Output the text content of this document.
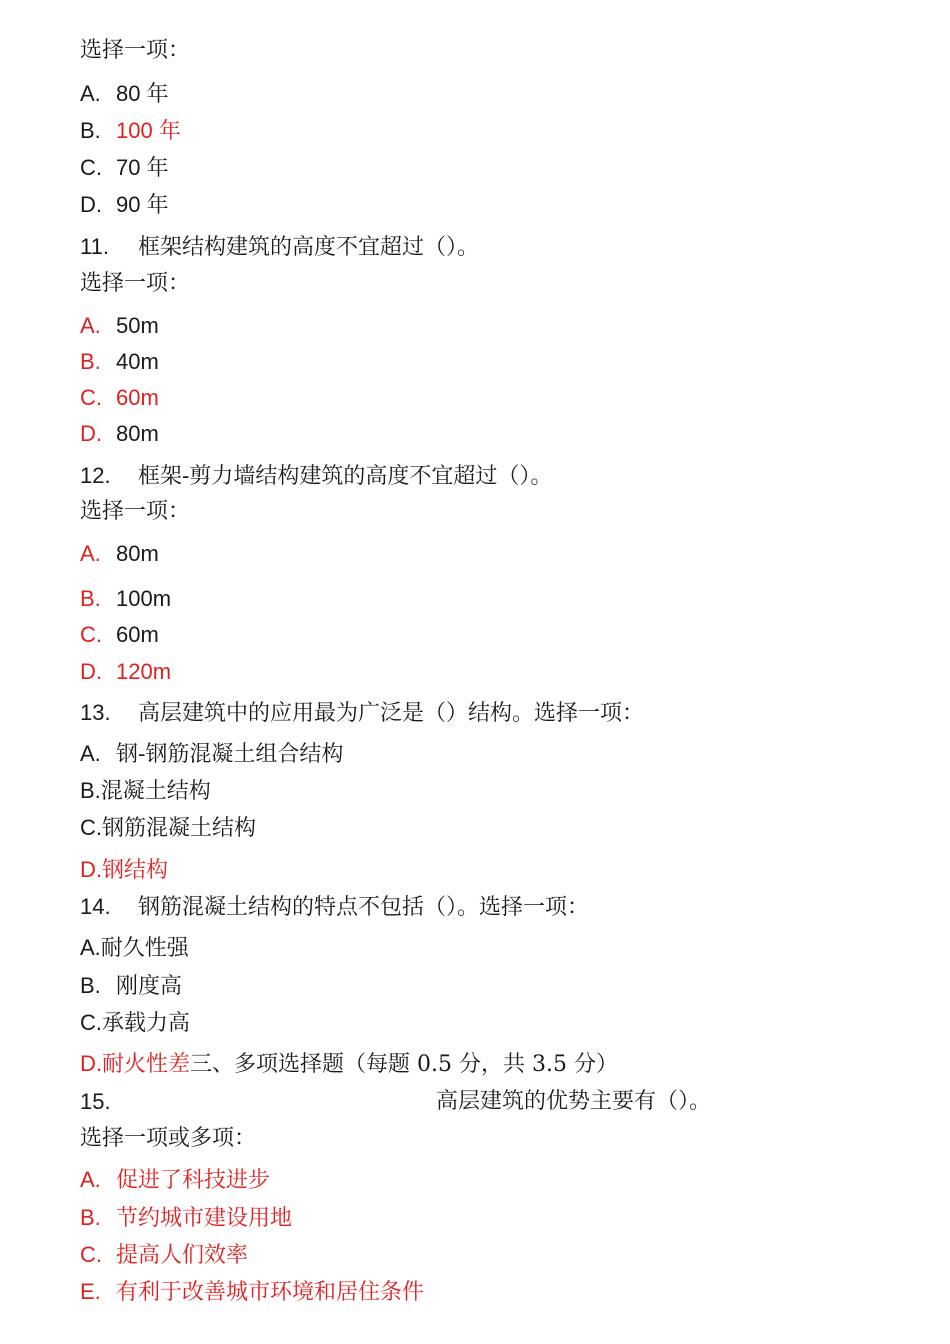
选择一项：
A. 80 年
B. 100 年
C. 70 年
D. 90 年
11. 框架结构建筑的高度不宜超过（）。
选择一项：
A. 50m
B. 40m
C. 60m
D. 80m
12. 框架-剪力墙结构建筑的高度不宜超过（）。
选择一项：
A. 80m
B. 100m
C. 60m
D. 120m
13. 高层建筑中的应用最为广泛是（）结构。选择一项：
A. 钢-钢筋混凝土组合结构
B.混凝土结构
C.钢筋混凝土结构
D.钢结构
14. 钢筋混凝土结构的特点不包括（）。选择一项：
A.耐久性强
B. 刚度高
C.承载力高
D.耐火性差三、多项选择题（每题 0.5 分，共 3.5 分）
15.	高层建筑的优势主要有（）。
选择一项或多项：
A. 促进了科技进步
B. 节约城市建设用地
C. 提高人们效率
E. 有利于改善城市环境和居住条件
